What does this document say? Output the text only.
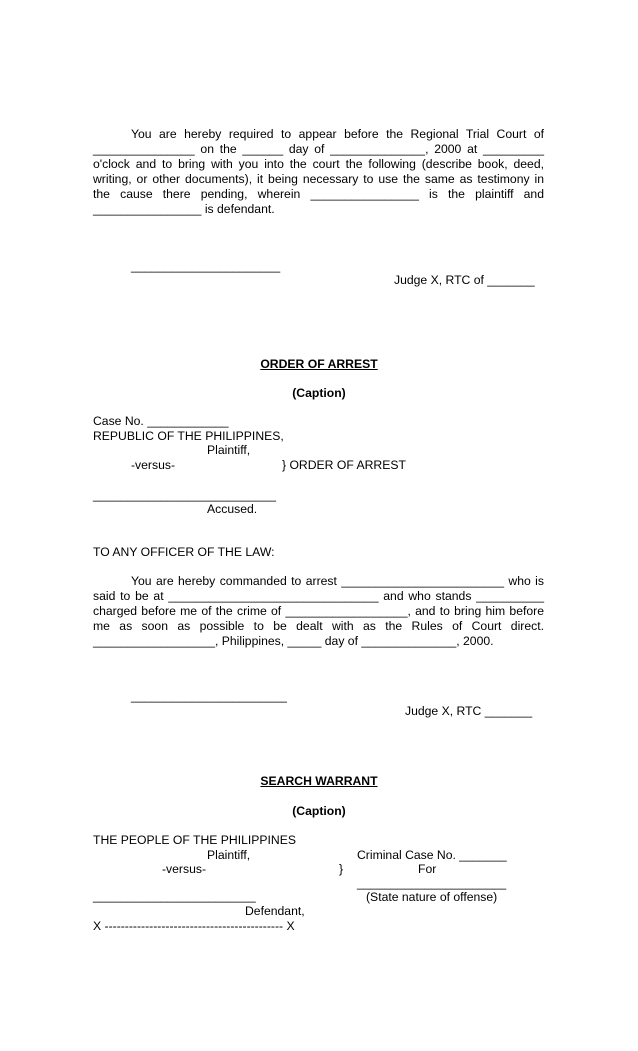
You are hereby required to appear before the Regional Trial Court of _______________ on the ______ day of ______________, 2000 at _________ o'clock and to bring with you into the court the following (describe book, deed, writing, or other documents), it being necessary to use the same as testimony in the cause there pending, wherein ________________ is the plaintiff and ________________ is defendant.
______________________
Judge X, RTC of _______
ORDER OF ARREST
(Caption)
Case No. ____________
REPUBLIC OF THE PHILIPPINES,
Plaintiff,
-versus-	} ORDER OF ARREST
___________________________
Accused.
TO ANY OFFICER OF THE LAW:
You are hereby commanded to arrest ________________________ who is said to be at _______________________________ and who stands __________ charged before me of the crime of __________________, and to bring him before me as soon as possible to be dealt with as the Rules of Court direct. __________________, Philippines, _____ day of ______________, 2000.
_______________________
Judge X, RTC _______
SEARCH WARRANT
(Caption)
THE PEOPLE OF THE PHILIPPINES
Plaintiff,	Criminal Case No. _______
-versus-	}	For
______________________
________________________	(State nature of offense)
Defendant,
X -------------------------------------------- X
